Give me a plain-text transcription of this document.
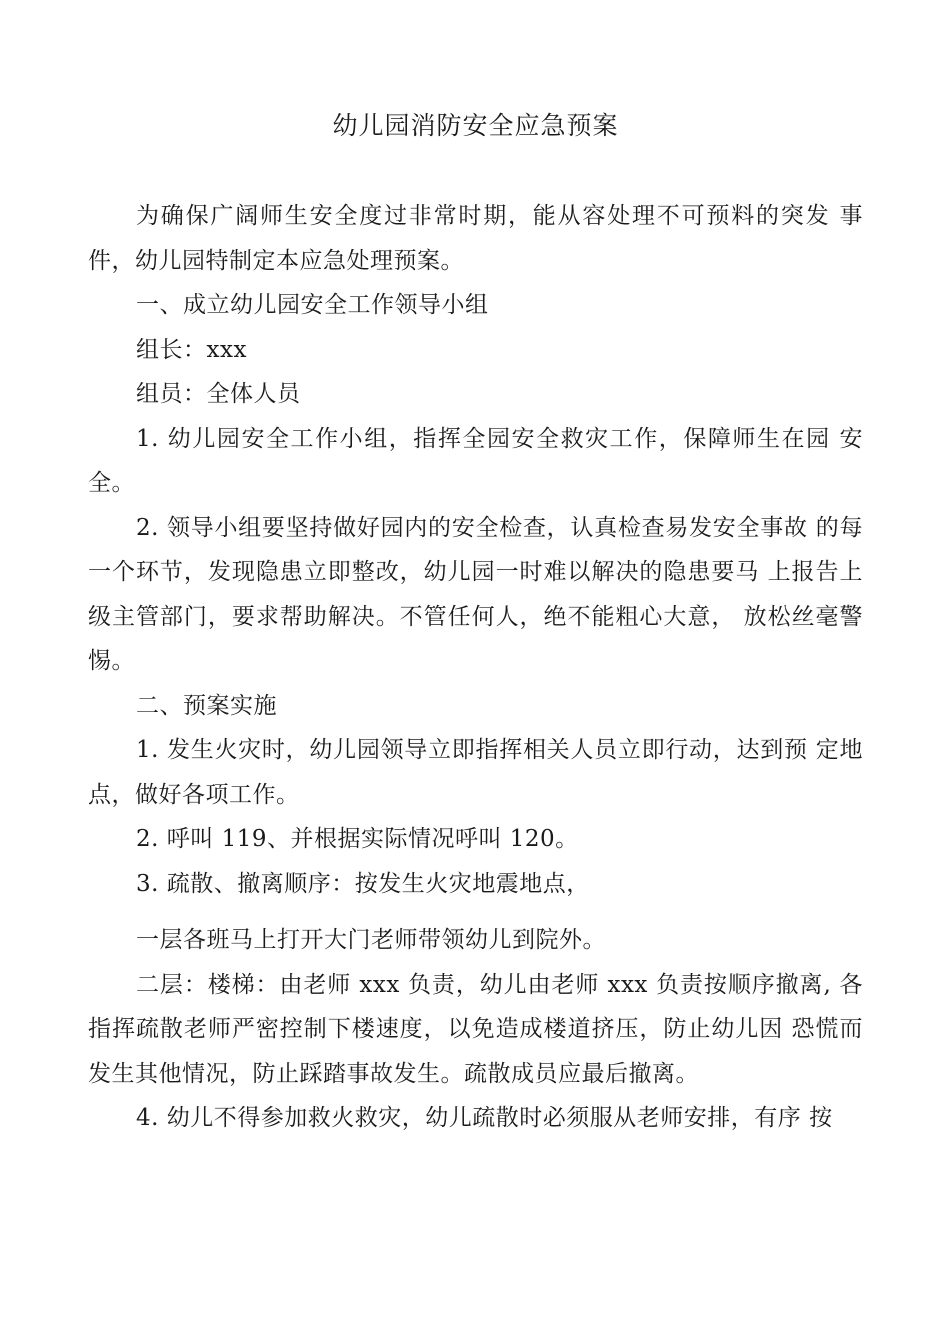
幼儿园消防安全应急预案

为确保广阔师生安全度过非常时期，能从容处理不可预料的突发 事件，幼儿园特制定本应急处理预案。

一、成立幼儿园安全工作领导小组

组长：xxx

组员：全体人员

1. 幼儿园安全工作小组，指挥全园安全救灾工作，保障师生在园 安全。

2. 领导小组要坚持做好园内的安全检查，认真检查易发安全事故 的每一个环节，发现隐患立即整改，幼儿园一时难以解决的隐患要马 上报告上级主管部门，要求帮助解决。不管任何人，绝不能粗心大意， 放松丝毫警惕。

二、预案实施

1. 发生火灾时，幼儿园领导立即指挥相关人员立即行动，达到预 定地点，做好各项工作。

2. 呼叫 119、并根据实际情况呼叫 120。

3. 疏散、撤离顺序：按发生火灾地震地点，

一层各班马上打开大门老师带领幼儿到院外。

二层：楼梯：由老师 xxx 负责，幼儿由老师 xxx 负责按顺序撤离, 各指挥疏散老师严密控制下楼速度，以免造成楼道挤压，防止幼儿因 恐慌而发生其他情况，防止踩踏事故发生。疏散成员应最后撤离。

4. 幼儿不得参加救火救灾，幼儿疏散时必须服从老师安排，有序 按
